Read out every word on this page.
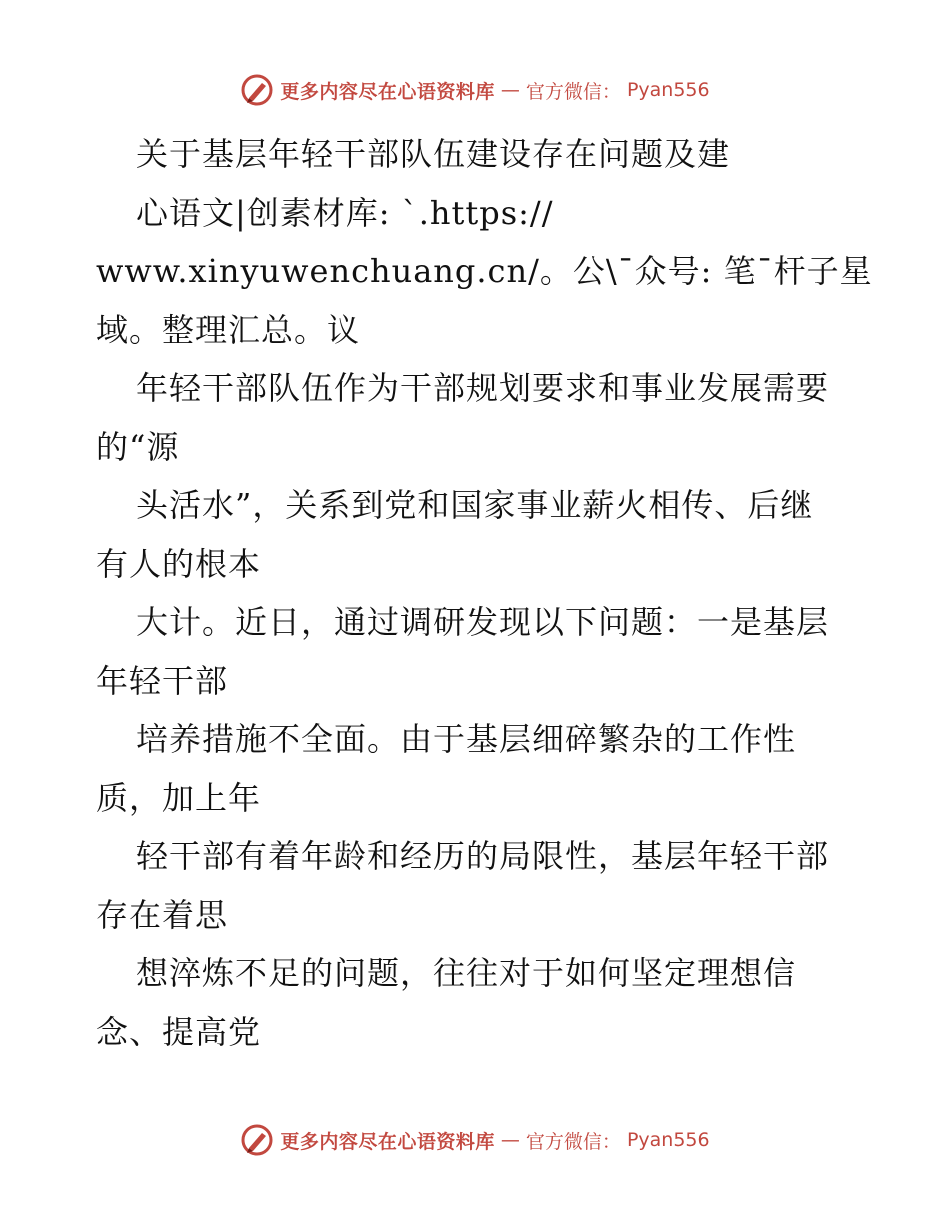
更多内容尽在心语资料库 — 官方微信： Pyan556
关于基层年轻干部队伍建设存在问题及建
心语文|创素材库: `.https://
www.xinyuwenchuang.cn/。公\¯众号: 笔¯杆子星
域。整理汇总。议
年轻干部队伍作为干部规划要求和事业发展需要
的“源
头活水”，关系到党和国家事业薪火相传、后继
有人的根本
大计。近日，通过调研发现以下问题：一是基层
年轻干部
培养措施不全面。由于基层细碎繁杂的工作性
质，加上年
轻干部有着年龄和经历的局限性，基层年轻干部
存在着思
想淬炼不足的问题，往往对于如何坚定理想信
念、提高党
更多内容尽在心语资料库 — 官方微信： Pyan556
